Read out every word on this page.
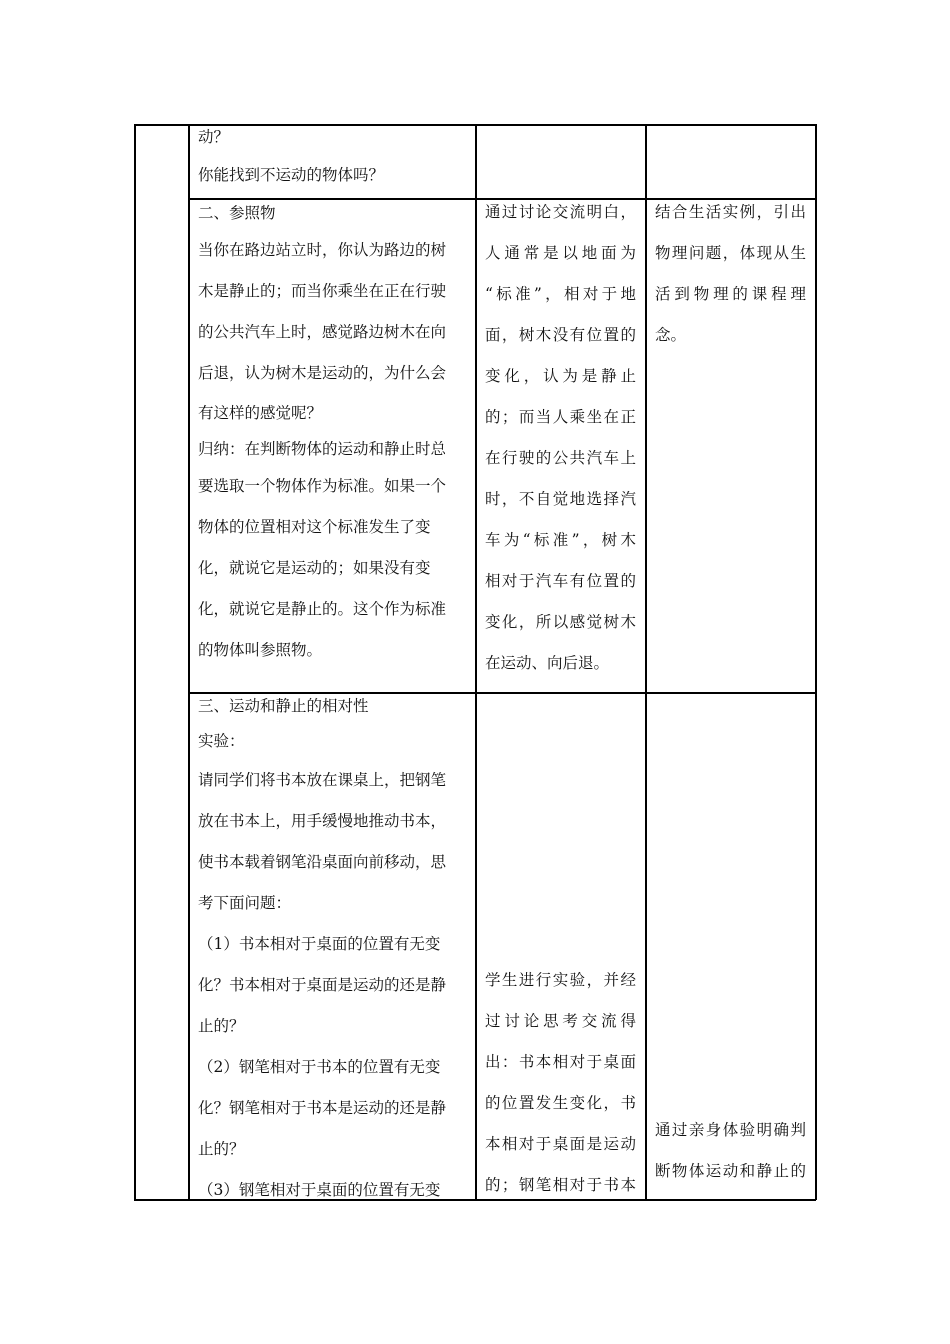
动？

你能找到不运动的物体吗？

二、参照物

当你在路边站立时，你认为路边的树

木是静止的；而当你乘坐在正在行驶

的公共汽车上时，感觉路边树木在向

后退，认为树木是运动的，为什么会

有这样的感觉呢？

归纳：在判断物体的运动和静止时总

要选取一个物体作为标准。如果一个

物体的位置相对这个标准发生了变

化，就说它是运动的；如果没有变

化，就说它是静止的。这个作为标准

的物体叫参照物。

通过讨论交流明白，

人通常是以地面为

“标准”，相对于地

面，树木没有位置的

变化，认为是静止

的；而当人乘坐在正

在行驶的公共汽车上

时，不自觉地选择汽

车为“标准”，树木

相对于汽车有位置的

变化，所以感觉树木

在运动、向后退。

结合生活实例，引出

物理问题，体现从生

活到物理的课程理

念。

三、运动和静止的相对性

实验：

请同学们将书本放在课桌上，把钢笔

放在书本上，用手缓慢地推动书本，

使书本载着钢笔沿桌面向前移动，思

考下面问题：

（1）书本相对于桌面的位置有无变

化？书本相对于桌面是运动的还是静

止的？

（2）钢笔相对于书本的位置有无变

化？钢笔相对于书本是运动的还是静

止的？

（3）钢笔相对于桌面的位置有无变

学生进行实验，并经

过讨论思考交流得

出：书本相对于桌面

的位置发生变化，书

本相对于桌面是运动

的；钢笔相对于书本

通过亲身体验明确判

断物体运动和静止的
